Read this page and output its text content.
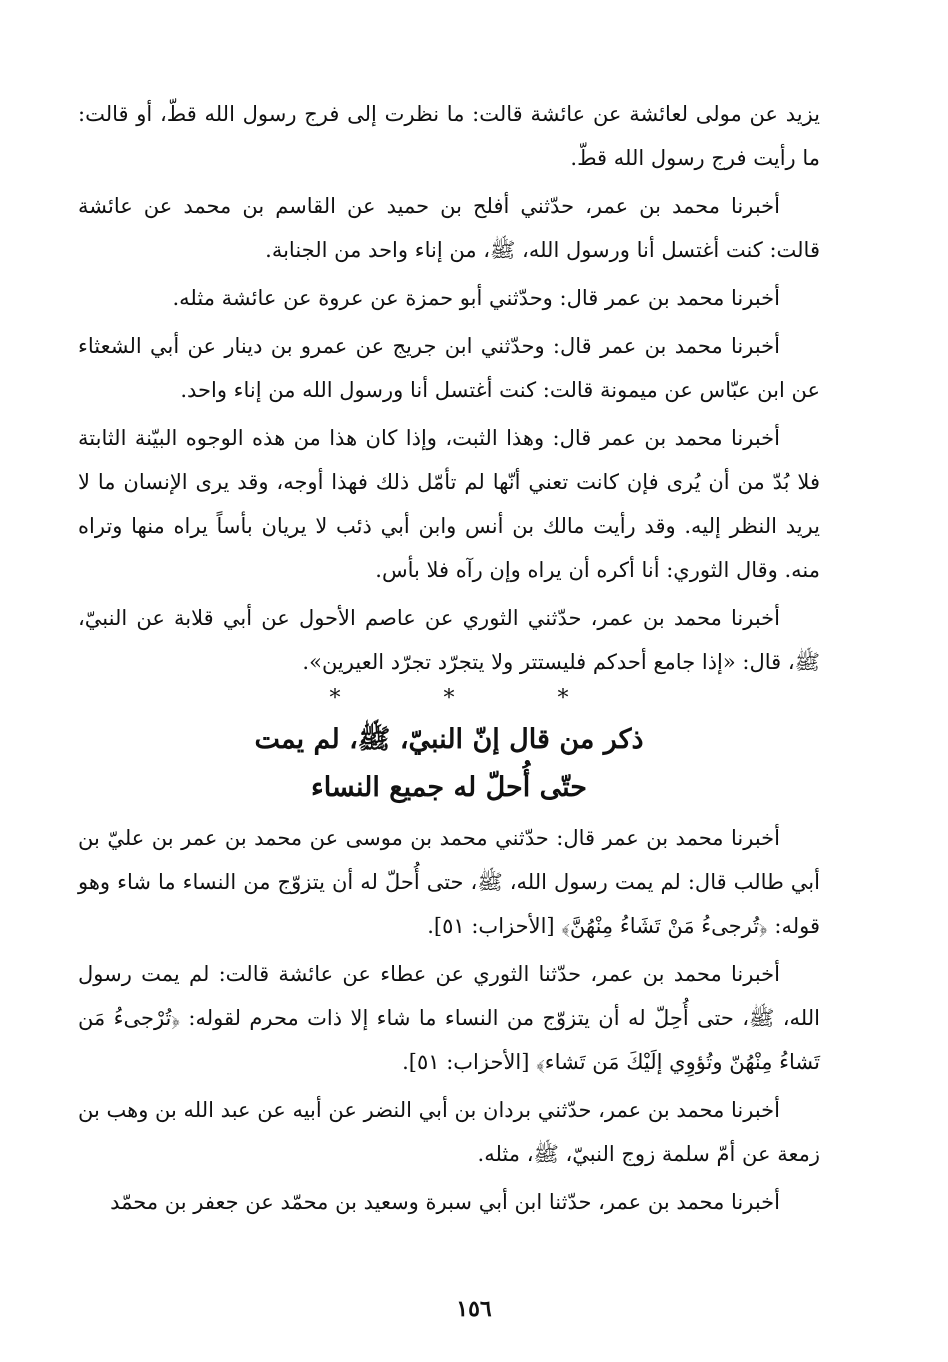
يزيد عن مولى لعائشة عن عائشة قالت: ما نظرت إلى فرج رسول الله قطّ، أو قالت: ما رأيت فرج رسول الله قطّ.

أخبرنا محمد بن عمر، حدّثني أفلح بن حميد عن القاسم بن محمد عن عائشة قالت: كنت أغتسل أنا ورسول الله، ﷺ، من إناء واحد من الجنابة.

أخبرنا محمد بن عمر قال: وحدّثني أبو حمزة عن عروة عن عائشة مثله.

أخبرنا محمد بن عمر قال: وحدّثني ابن جريج عن عمرو بن دينار عن أبي الشعثاء عن ابن عبّاس عن ميمونة قالت: كنت أغتسل أنا ورسول الله من إناء واحد.

أخبرنا محمد بن عمر قال: وهذا الثبت، وإذا كان هذا من هذه الوجوه البيّنة الثابتة فلا بُدّ من أن يُرى فإن كانت تعني أنّها لم تأمّل ذلك فهذا أوجه، وقد يرى الإنسان ما لا يريد النظر إليه. وقد رأيت مالك بن أنس وابن أبي ذئب لا يريان بأساً يراه منها وتراه منه. وقال الثوري: أنا أكره أن يراه وإن رآه فلا بأس.

أخبرنا محمد بن عمر، حدّثني الثوري عن عاصم الأحول عن أبي قلابة عن النبيّ، ﷺ، قال: «إذا جامع أحدكم فليستتر ولا يتجرّد تجرّد العيرين».

* * *

ذكر من قال إنّ النبيّ، ﷺ، لم يمت
حتّى أُحلّ له جميع النساء

أخبرنا محمد بن عمر قال: حدّثني محمد بن موسى عن محمد بن عمر بن عليّ بن أبي طالب قال: لم يمت رسول الله، ﷺ، حتى أُحلّ له أن يتزوّج من النساء ما شاء وهو قوله: ﴿تُرجىءُ مَنْ تَشَاءُ مِنْهُنَّ﴾ [الأحزاب: ٥١].

أخبرنا محمد بن عمر، حدّثنا الثوري عن عطاء عن عائشة قالت: لم يمت رسول الله، ﷺ، حتى أُحِلّ له أن يتزوّج من النساء ما شاء إلا ذات محرم لقوله: ﴿تُرْجىءُ مَن تَشاءُ مِنْهُنّ وتُؤوِي إلَيْكَ مَن تَشاء﴾ [الأحزاب: ٥١].

أخبرنا محمد بن عمر، حدّثني بردان بن أبي النضر عن أبيه عن عبد الله بن وهب بن زمعة عن أمّ سلمة زوج النبيّ، ﷺ، مثله.

أخبرنا محمد بن عمر، حدّثنا ابن أبي سبرة وسعيد بن محمّد عن جعفر بن محمّد

١٥٦
